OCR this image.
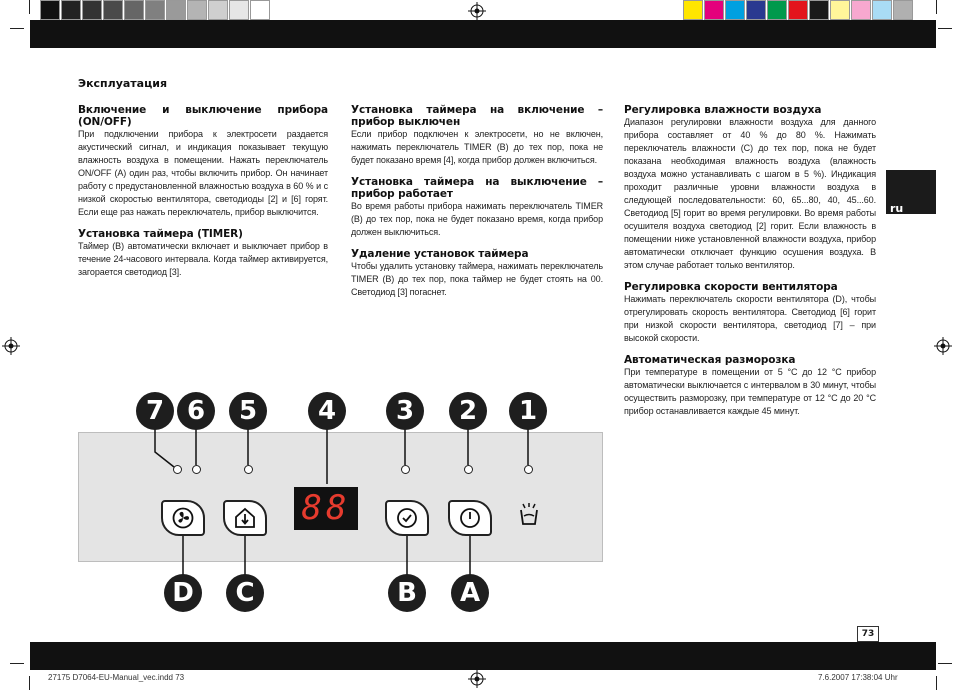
ru
Эксплуатация
Включение и выключение прибора (ON/OFF)

При подключении прибора к электросети раздается акустический сигнал, и индикация показывает текущую влажность воздуха в помещении. Нажать переключатель ON/OFF (A) один раз, чтобы включить прибор. Он начинает работу с предустановленной влажностью воздуха в 60 % и с низкой скоростью вентилятора, светодиоды [2] и [6] горят. Если еще раз нажать переключатель, прибор выключится.

Установка таймера (TIMER)

Таймер (B) автоматически включает и выключает прибор в течение 24-часового интервала. Когда таймер активируется, загорается светодиод [3].

Установка таймера на включение – прибор выключен

Если прибор подключен к электросети, но не включен, нажимать переключатель TIMER (B) до тех пор, пока не будет показано время [4], когда прибор должен включиться.

Установка таймера на выключение – прибор работает

Во время работы прибора нажимать переключатель TIMER (B) до тех пор, пока не будет показано время, когда прибор должен выключиться.

Удаление установок таймера

Чтобы удалить установку таймера, нажимать переключатель TIMER (B) до тех пор, пока таймер не будет стоять на 00. Светодиод [3] погаснет.

Регулировка влажности воздуха

Диапазон регулировки влажности воздуха для данного прибора составляет от 40 % до 80 %. Нажимать переключатель влажности (C) до тех пор, пока не будет показана необходимая влажность воздуха (влажность воздуха можно устанавливать с шагом в 5 %). Индикация проходит различные уровни влажности воздуха в следующей последовательности: 60, 65...80, 40, 45...60. Светодиод [5] горит во время регулировки. Во время работы осушителя воздуха светодиод [2] горит. Если влажность в помещении ниже установленной влажности воздуха, прибор автоматически отключает функцию осушения воздуха. В этом случае работает только вентилятор.

Регулировка скорости вентилятора

Нажимать переключатель скорости вентилятора (D), чтобы отрегулировать скорость вентилятора. Светодиод [6] горит при низкой скорости вентилятора, светодиод [7] – при высокой скорости.

Автоматическая разморозка

При температуре в помещении от 5 °C до 12 °C прибор автоматически выключается с интервалом в 30 минут, чтобы осуществить разморозку, при температуре от 12 °C до 20 °C прибор останавливается каждые 45 минут.

7 6	5	4	3	2	1
88
D	C	B	A
73
27175 D7064-EU-Manual_vec.indd 73	7.6.2007 17:38:04 Uhr
